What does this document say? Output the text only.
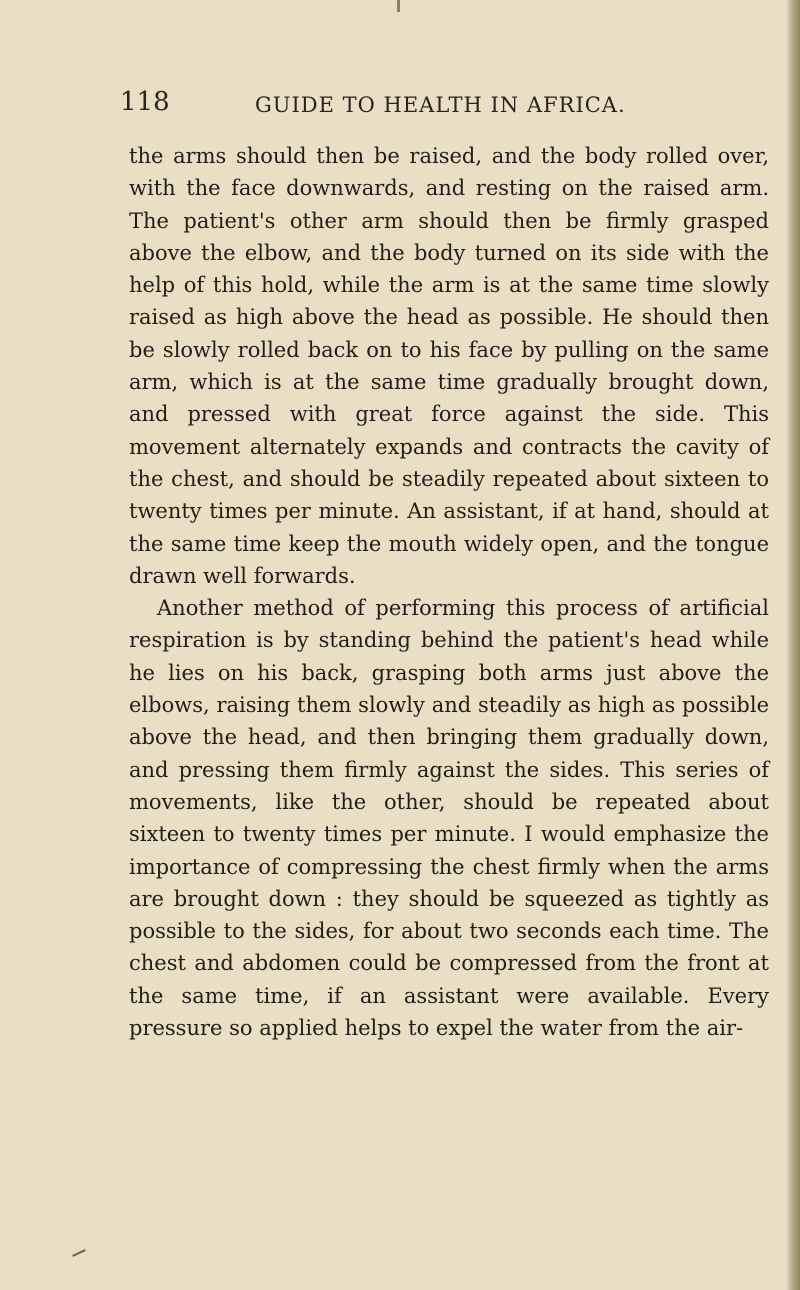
118	GUIDE TO HEALTH IN AFRICA.

the arms should then be raised, and the body rolled over, with the face downwards, and resting on the raised arm. The patient's other arm should then be firmly grasped above the elbow, and the body turned on its side with the help of this hold, while the arm is at the same time slowly raised as high above the head as possible. He should then be slowly rolled back on to his face by pulling on the same arm, which is at the same time gradually brought down, and pressed with great force against the side. This movement alternately expands and contracts the cavity of the chest, and should be steadily repeated about sixteen to twenty times per minute. An assistant, if at hand, should at the same time keep the mouth widely open, and the tongue drawn well forwards.

Another method of performing this process of artificial respiration is by standing behind the patient's head while he lies on his back, grasping both arms just above the elbows, raising them slowly and steadily as high as possible above the head, and then bringing them gradually down, and pressing them firmly against the sides. This series of movements, like the other, should be repeated about sixteen to twenty times per minute. I would emphasize the importance of compressing the chest firmly when the arms are brought down : they should be squeezed as tightly as possible to the sides, for about two seconds each time. The chest and abdomen could be compressed from the front at the same time, if an assistant were available. Every pressure so applied helps to expel the water from the air-
